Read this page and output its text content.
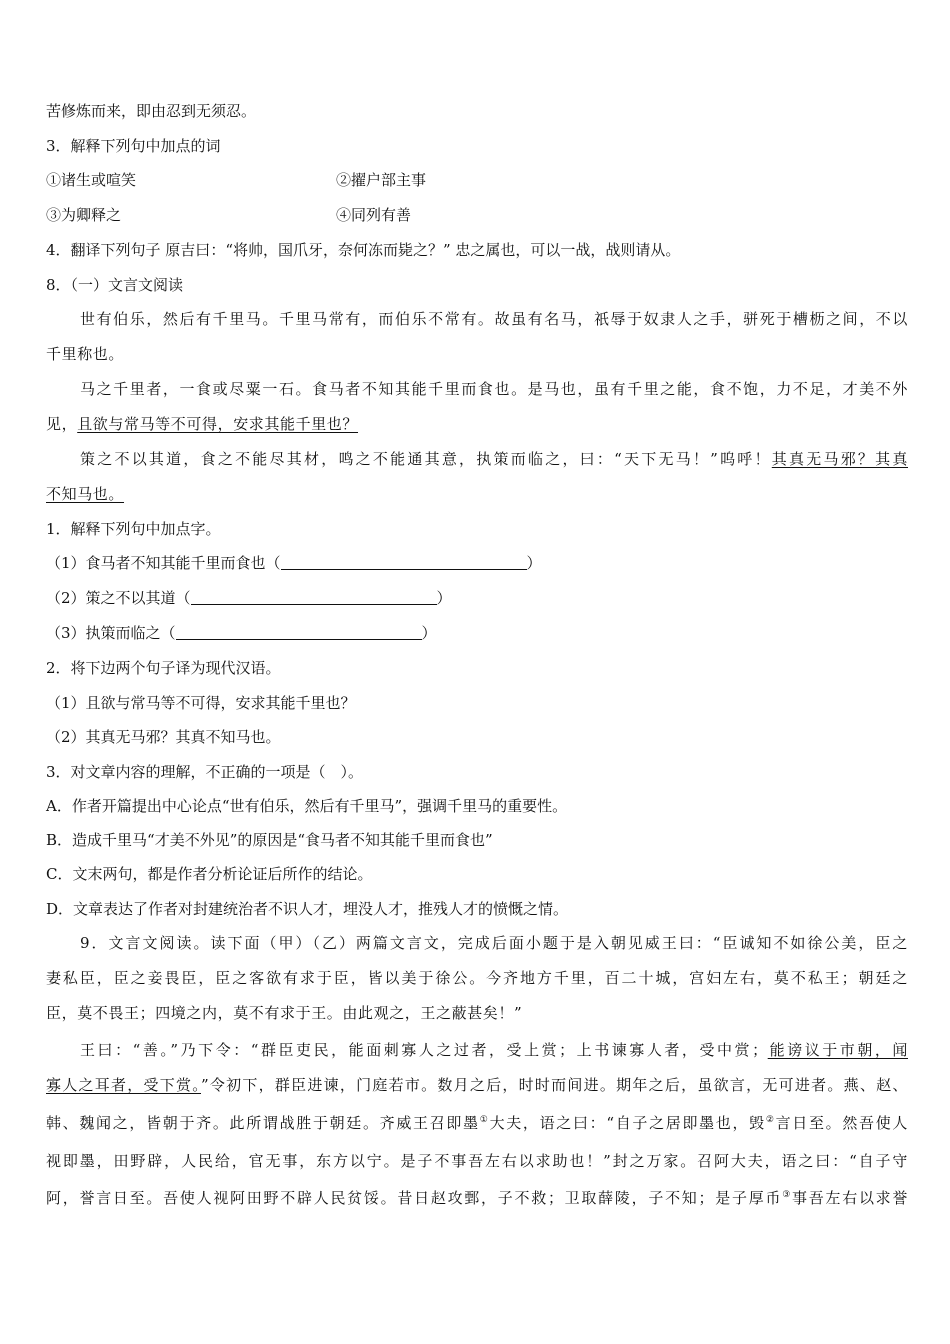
苦修炼而来，即由忍到无须忍。
3．解释下列句中加点的词
①诸生或喧笑	②擢户部主事
③为卿释之	④同列有善
4．翻译下列句子 原吉曰：“将帅，国爪牙，奈何冻而毙之？” 忠之属也，可以一战，战则请从。
8．（一）文言文阅读
世有伯乐，然后有千里马。千里马常有，而伯乐不常有。故虽有名马，祇辱于奴隶人之手，骈死于槽枥之间，不以
千里称也。
马之千里者，一食或尽粟一石。食马者不知其能千里而食也。是马也，虽有千里之能，食不饱，力不足，才美不外
见，且欲与常马等不可得，安求其能千里也？
策之不以其道，食之不能尽其材，鸣之不能通其意，执策而临之，曰：“天下无马！”呜呼！其真无马邪？其真
不知马也。
1．解释下列句中加点字。
（1）食马者不知其能千里而食也（	）
（2）策之不以其道（	）
（3）执策而临之（	）
2．将下边两个句子译为现代汉语。
（1）且欲与常马等不可得，安求其能千里也？
（2）其真无马邪？其真不知马也。
3．对文章内容的理解，不正确的一项是（　）。
A．作者开篇提出中心论点“世有伯乐，然后有千里马”，强调千里马的重要性。
B．造成千里马“才美不外见”的原因是“食马者不知其能千里而食也”
C．文末两句，都是作者分析论证后所作的结论。
D．文章表达了作者对封建统治者不识人才，埋没人才，推残人才的愤慨之情。
9．文言文阅读。读下面（甲）（乙）两篇文言文，完成后面小题于是入朝见威王曰：“臣诚知不如徐公美，臣之
妻私臣，臣之妾畏臣，臣之客欲有求于臣，皆以美于徐公。今齐地方千里，百二十城，宫妇左右，莫不私王；朝廷之
臣，莫不畏王；四境之内，莫不有求于王。由此观之，王之蔽甚矣！”
王曰：“善。”乃下令：“群臣吏民，能面刺寡人之过者，受上赏；上书谏寡人者，受中赏；能谤议于市朝，闻
寡人之耳者，受下赏。”令初下，群臣进谏，门庭若市。数月之后，时时而间进。期年之后，虽欲言，无可进者。燕、赵、
韩、魏闻之，皆朝于齐。此所谓战胜于朝廷。齐威王召即墨①大夫，语之曰：“自子之居即墨也，毁②言日至。然吾使人
视即墨，田野辟，人民给，官无事，东方以宁。是子不事吾左右以求助也！”封之万家。召阿大夫，语之曰：“自子守
阿，誉言日至。吾使人视阿田野不辟人民贫馁。昔日赵攻鄄，子不救；卫取薛陵，子不知；是子厚币③事吾左右以求誉
